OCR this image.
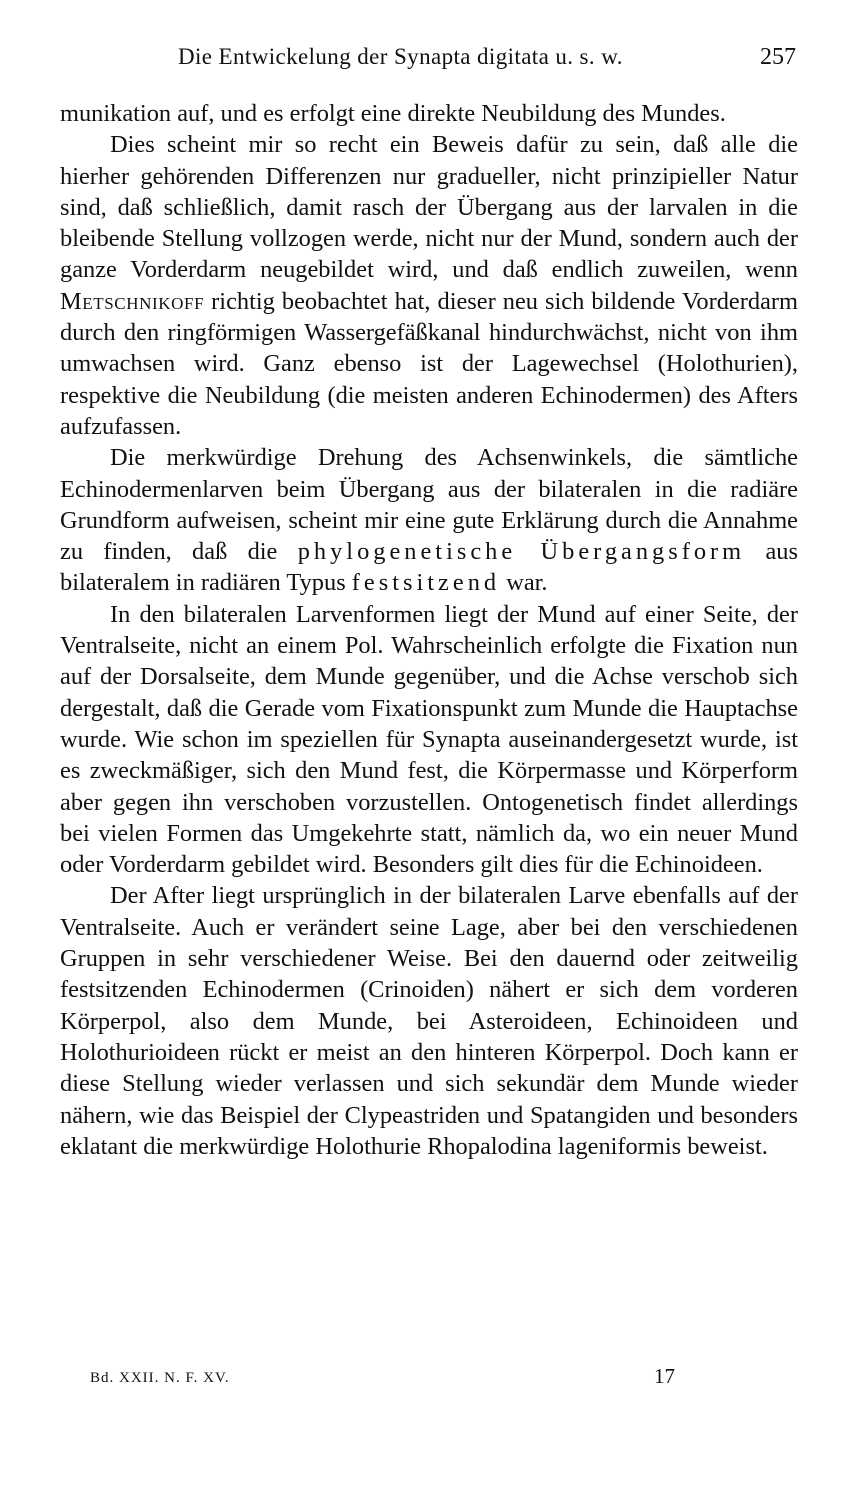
Die Entwickelung der Synapta digitata u. s. w.	257

munikation auf, und es erfolgt eine direkte Neubildung des Mundes.

Dies scheint mir so recht ein Beweis dafür zu sein, daß alle die hierher gehörenden Differenzen nur gradueller, nicht prinzipieller Natur sind, daß schließlich, damit rasch der Übergang aus der larvalen in die bleibende Stellung vollzogen werde, nicht nur der Mund, sondern auch der ganze Vorderdarm neugebildet wird, und daß endlich zuweilen, wenn Metschnikoff richtig beobachtet hat, dieser neu sich bildende Vorderdarm durch den ringförmigen Wassergefäßkanal hindurchwächst, nicht von ihm umwachsen wird. Ganz ebenso ist der Lagewechsel (Holothurien), respektive die Neubildung (die meisten anderen Echinodermen) des Afters aufzufassen.

Die merkwürdige Drehung des Achsenwinkels, die sämtliche Echinodermenlarven beim Übergang aus der bilateralen in die radiäre Grundform aufweisen, scheint mir eine gute Erklärung durch die Annahme zu finden, daß die phylogenetische Übergangsform aus bilateralem in radiären Typus festsitzend war.

In den bilateralen Larvenformen liegt der Mund auf einer Seite, der Ventralseite, nicht an einem Pol. Wahrscheinlich erfolgte die Fixation nun auf der Dorsalseite, dem Munde gegenüber, und die Achse verschob sich dergestalt, daß die Gerade vom Fixationspunkt zum Munde die Hauptachse wurde. Wie schon im speziellen für Synapta auseinandergesetzt wurde, ist es zweckmäßiger, sich den Mund fest, die Körpermasse und Körperform aber gegen ihn verschoben vorzustellen. Ontogenetisch findet allerdings bei vielen Formen das Umgekehrte statt, nämlich da, wo ein neuer Mund oder Vorderdarm gebildet wird. Besonders gilt dies für die Echinoideen.

Der After liegt ursprünglich in der bilateralen Larve ebenfalls auf der Ventralseite. Auch er verändert seine Lage, aber bei den verschiedenen Gruppen in sehr verschiedener Weise. Bei den dauernd oder zeitweilig festsitzenden Echinodermen (Crinoiden) nähert er sich dem vorderen Körperpol, also dem Munde, bei Asteroideen, Echinoideen und Holothurioideen rückt er meist an den hinteren Körperpol. Doch kann er diese Stellung wieder verlassen und sich sekundär dem Munde wieder nähern, wie das Beispiel der Clypeastriden und Spatangiden und besonders eklatant die merkwürdige Holothurie Rhopalodina lageniformis beweist.

Bd. XXII. N. F. XV.	17
